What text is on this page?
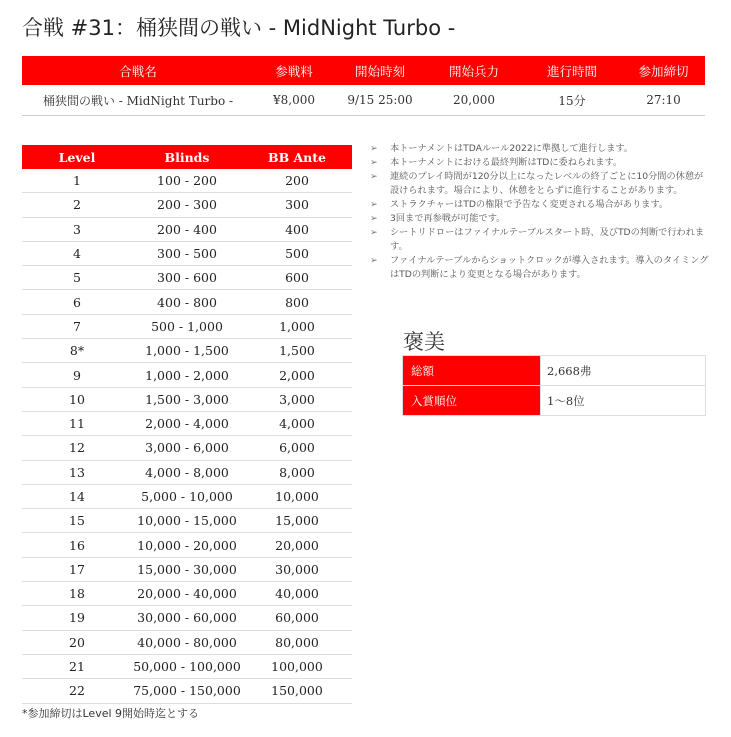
合戦 #31：桶狭間の戦い - MidNight Turbo -
合戦名	参戦料	開始時刻	開始兵力	進行時間	参加締切
桶狭間の戦い - MidNight Turbo -	¥8,000	9/15 25:00	20,000	15分	27:10
Level	Blinds	BB Ante
1	100 - 200	200
2	200 - 300	300
3	200 - 400	400
4	300 - 500	500
5	300 - 600	600
6	400 - 800	800
7	500 - 1,000	1,000
8*	1,000 - 1,500	1,500
9	1,000 - 2,000	2,000
10	1,500 - 3,000	3,000
11	2,000 - 4,000	4,000
12	3,000 - 6,000	6,000
13	4,000 - 8,000	8,000
14	5,000 - 10,000	10,000
15	10,000 - 15,000	15,000
16	10,000 - 20,000	20,000
17	15,000 - 30,000	30,000
18	20,000 - 40,000	40,000
19	30,000 - 60,000	60,000
20	40,000 - 80,000	80,000
21	50,000 - 100,000	100,000
22	75,000 - 150,000	150,000
*参加締切はLevel 9開始時迄とする
➢ 本トーナメントはTDAルール2022に準拠して進行します。
➢ 本トーナメントにおける最終判断はTDに委ねられます。
➢ 連続のプレイ時間が120分以上になったレベルの終了ごとに10分間の休憩が設けられます。場合により、休憩をとらずに進行することがあります。
➢ ストラクチャーはTDの権限で予告なく変更される場合があります。
➢ 3回まで再参戦が可能です。
➢ シートリドローはファイナルテーブルスタート時、及びTDの判断で行われます。
➢ ファイナルテーブルからショットクロックが導入されます。導入のタイミングはTDの判断により変更となる場合があります。
褒美
総額	2,668弗
入賞順位	1～8位
